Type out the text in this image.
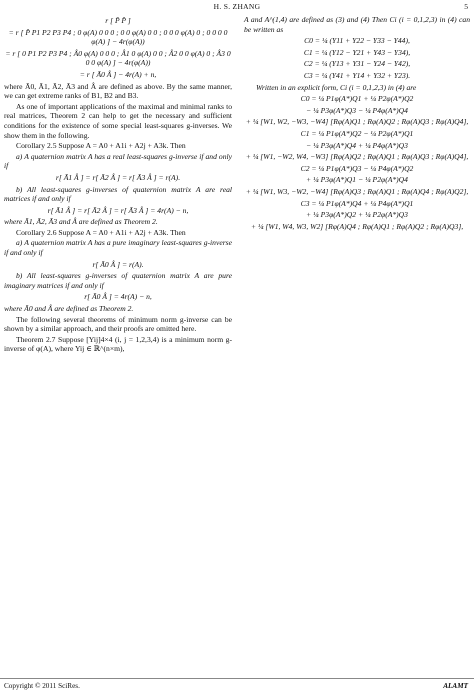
H. S. ZHANG	5
r [ P̂ P̂ ]
= r [ P̂ P1 P2 P3 P4 ; 0 φ(A) 0 0 0 ; 0 0 φ(A) 0 0 ; 0 0 0 φ(A) 0 ; 0 0 0 0 φ(A) ] − 4r(φ(A))
= r [ 0 P1 P2 P3 P4 ; Â0 φ(A) 0 0 0 ; Â1 0 φ(A) 0 0 ; Â2 0 0 φ(A) 0 ; Â3 0 0 0 φ(A) ] − 4r(φ(A))
= r [ Ā0 Â ] − 4r(A) + n,
where Ā0, Ā1, Ā2, Ā3 and Â are defined as above. By the same manner, we can get extreme ranks of B1, B2 and B3.
As one of important applications of the maximal and minimal ranks to real matrices, Theorem 2 can help to get the necessary and sufficient conditions for the existence of some special least-squares g-inverses. We show them in the following.
Corollary 2.5 Suppose A = A0 + A1i + A2j + A3k. Then
a) A quaternion matrix A has a real least-squares g-inverse if and only if
r[ Ā1 Â ] = r[ Ā2 Â ] = r[ Ā3 Â ] = r(A).
b) All least-squares g-inverses of quaternion matrix A are real matrices if and only if
r[ Ā1 Â ] = r[ Ā2 Â ] = r[ Ā3 Â ] = 4r(A) − n,
where Ā1, Ā2, Ā3 and Â are defined as Theorem 2.
Corollary 2.6 Suppose A = A0 + A1i + A2j + A3k. Then
a) A quaternion matrix A has a pure imaginary least-squares g-inverse if and only if
r[ Ā0 Â ] = r(A).
b) All least-squares g-inverses of quaternion matrix A are pure imaginary matrices if and only if
r[ Ā0 Â ] = 4r(A) − n,
where Ā0 and Â are defined as Theorem 2.
The following several theorems of minimum norm g-inverse can be shown by a similar approach, and their proofs are omitted here.
Theorem 2.7 Suppose [Yij]4×4 (i, j = 1,2,3,4) is a minimum norm g-inverse of φ(A), where Yij ∈ ℝ^(n×m),
A and A^(1,4) are defined as (3) and (4) Then Ci (i = 0,1,2,3) in (4) can be written as
C0 = ¼ (Y11 + Y22 − Y33 − Y44),
C1 = ¼ (Y12 − Y21 + Y43 − Y34),
C2 = ¼ (Y13 + Y31 − Y24 − Y42),
C3 = ¼ (Y41 + Y14 + Y32 + Y23).
Written in an explicit form, Ci (i = 0,1,2,3) in (4) are
C0 = ¼ P1φ(A*)Q1 + ¼ P2φ(A*)Q2
− ¼ P3φ(A*)Q3 − ¼ P4φ(A*)Q4
+ ¼ [W1, W2, −W3, −W4] [Rφ(A)Q1 ; Rφ(A)Q2 ; Rφ(A)Q3 ; Rφ(A)Q4],
C1 = ¼ P1φ(A*)Q2 − ¼ P2φ(A*)Q1
− ¼ P3φ(A*)Q4 + ¼ P4φ(A*)Q3
+ ¼ [W1, −W2, W4, −W3] [Rφ(A)Q2 ; Rφ(A)Q1 ; Rφ(A)Q3 ; Rφ(A)Q4],
C2 = ¼ P1φ(A*)Q3 − ¼ P4φ(A*)Q2
+ ¼ P3φ(A*)Q1 − ¼ P2φ(A*)Q4
+ ¼ [W1, W3, −W2, −W4] [Rφ(A)Q3 ; Rφ(A)Q1 ; Rφ(A)Q4 ; Rφ(A)Q2],
C3 = ¼ P1φ(A*)Q4 + ¼ P4φ(A*)Q1
+ ¼ P3φ(A*)Q2 + ¼ P2φ(A*)Q3
+ ¼ [W1, W4, W3, W2] [Rφ(A)Q4 ; Rφ(A)Q1 ; Rφ(A)Q2 ; Rφ(A)Q3],
Copyright © 2011 SciRes.	ALAMT
